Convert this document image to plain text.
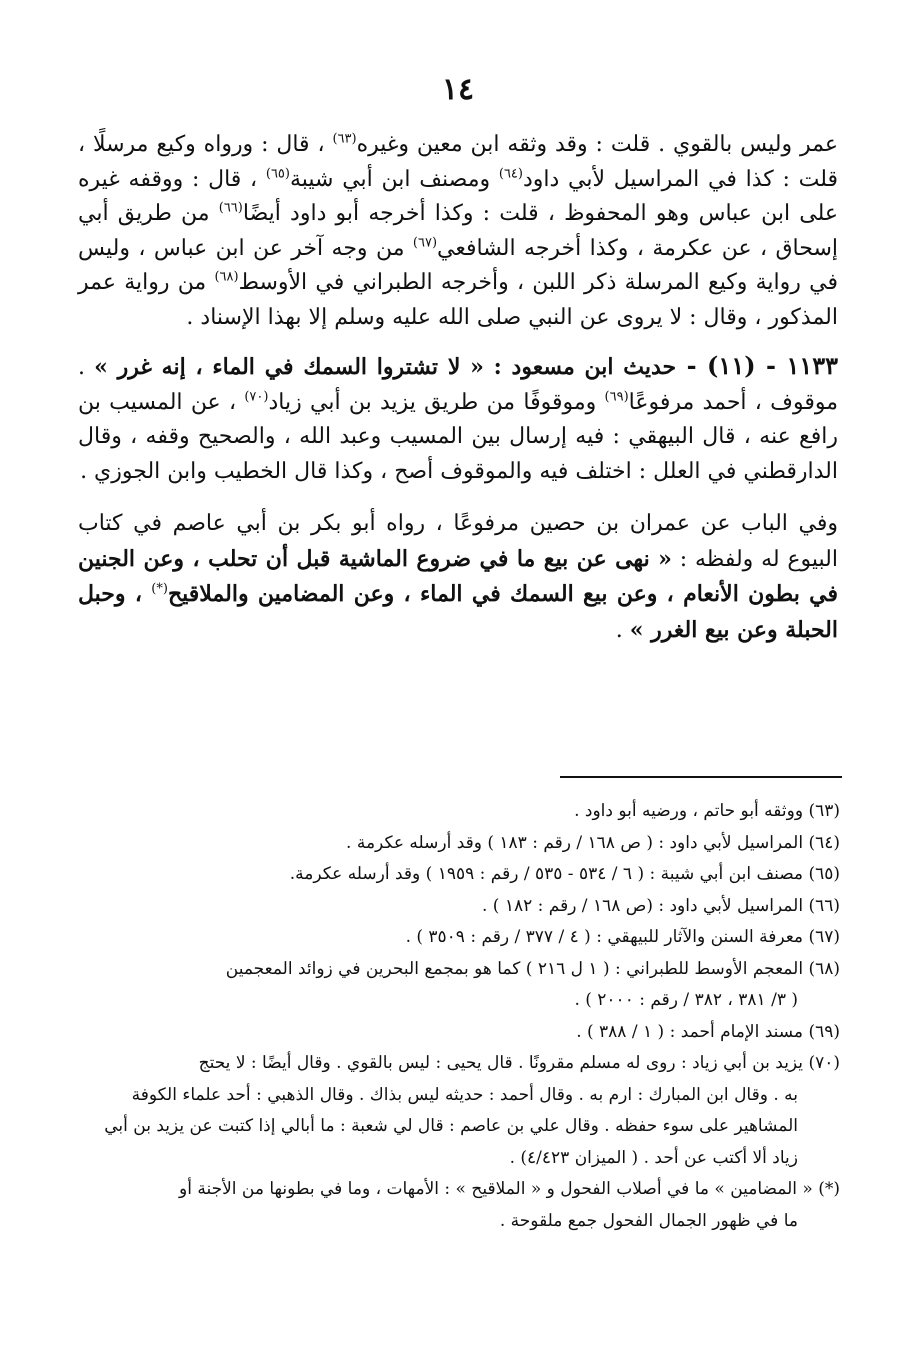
١٤

عمر وليس بالقوي . قلت : وقد وثقه ابن معين وغيره$^{(٦٣)}$ ، قال : ورواه وكيع مرسلًا ، قلت : كذا في المراسيل لأبي داود$^{(٦٤)}$ ومصنف ابن أبي شيبة$^{(٦٥)}$ ، قال : ووقفه غيره على ابن عباس وهو المحفوظ ، قلت : وكذا أخرجه أبو داود أيضًا$^{(٦٦)}$ من طريق أبي إسحاق ، عن عكرمة ، وكذا أخرجه الشافعي$^{(٦٧)}$ من وجه آخر عن ابن عباس ، وليس في رواية وكيع المرسلة ذكر اللبن ، وأخرجه الطبراني في الأوسط$^{(٦٨)}$ من رواية عمر المذكور ، وقال : لا يروى عن النبي صلى الله عليه وسلم إلا بهذا الإسناد .

١١٣٣ - (١١) - حديث ابن مسعود : « لا تشتروا السمك في الماء ، إنه غرر » . موقوف ، أحمد مرفوعًا$^{(٦٩)}$ وموقوفًا من طريق يزيد بن أبي زياد$^{(٧٠)}$ ، عن المسيب بن رافع عنه ، قال البيهقي : فيه إرسال بين المسيب وعبد الله ، والصحيح وقفه ، وقال الدارقطني في العلل : اختلف فيه والموقوف أصح ، وكذا قال الخطيب وابن الجوزي .

وفي الباب عن عمران بن حصين مرفوعًا ، رواه أبو بكر بن أبي عاصم في كتاب البيوع له ولفظه : « نهى عن بيع ما في ضروع الماشية قبل أن تحلب ، وعن الجنين في بطون الأنعام ، وعن بيع السمك في الماء ، وعن المضامين والملاقيح(*) ، وحبل الحبلة وعن بيع الغرر » .

(٦٣) ووثقه أبو حاتم ، ورضيه أبو داود .

(٦٤) المراسيل لأبي داود : ( ص ١٦٨ / رقم : ١٨٣ ) وقد أرسله عكرمة .

(٦٥) مصنف ابن أبي شيبة : ( ٦ / ٥٣٤ - ٥٣٥ / رقم : ١٩٥٩ ) وقد أرسله عكرمة.

(٦٦) المراسيل لأبي داود : (ص ١٦٨ / رقم : ١٨٢ ) .

(٦٧) معرفة السنن والآثار للبيهقي : ( ٤ / ٣٧٧ / رقم : ٣٥٠٩ ) .

(٦٨) المعجم الأوسط للطبراني : ( ١ ل ٢١٦ ) كما هو بمجمع البحرين في زوائد المعجمين
( ٣/ ٣٨١ ، ٣٨٢ / رقم : ٢٠٠٠ ) .

(٦٩) مسند الإمام أحمد : ( ١ / ٣٨٨ ) .

(٧٠) يزيد بن أبي زياد : روى له مسلم مقرونًا . قال يحيى : ليس بالقوي . وقال أيضًا : لا يحتج
به . وقال ابن المبارك : ارم به . وقال أحمد : حديثه ليس بذاك . وقال الذهبي : أحد علماء الكوفة المشاهير على سوء حفظه . وقال علي بن عاصم : قال لي شعبة : ما أبالي إذا كتبت عن يزيد بن أبي زياد ألا أكتب عن أحد . ( الميزان ٤/٤٢٣) .

(*) « المضامين » ما في أصلاب الفحول و « الملاقيح » : الأمهات ، وما في بطونها من الأجنة أو
ما في ظهور الجمال الفحول جمع ملقوحة .
